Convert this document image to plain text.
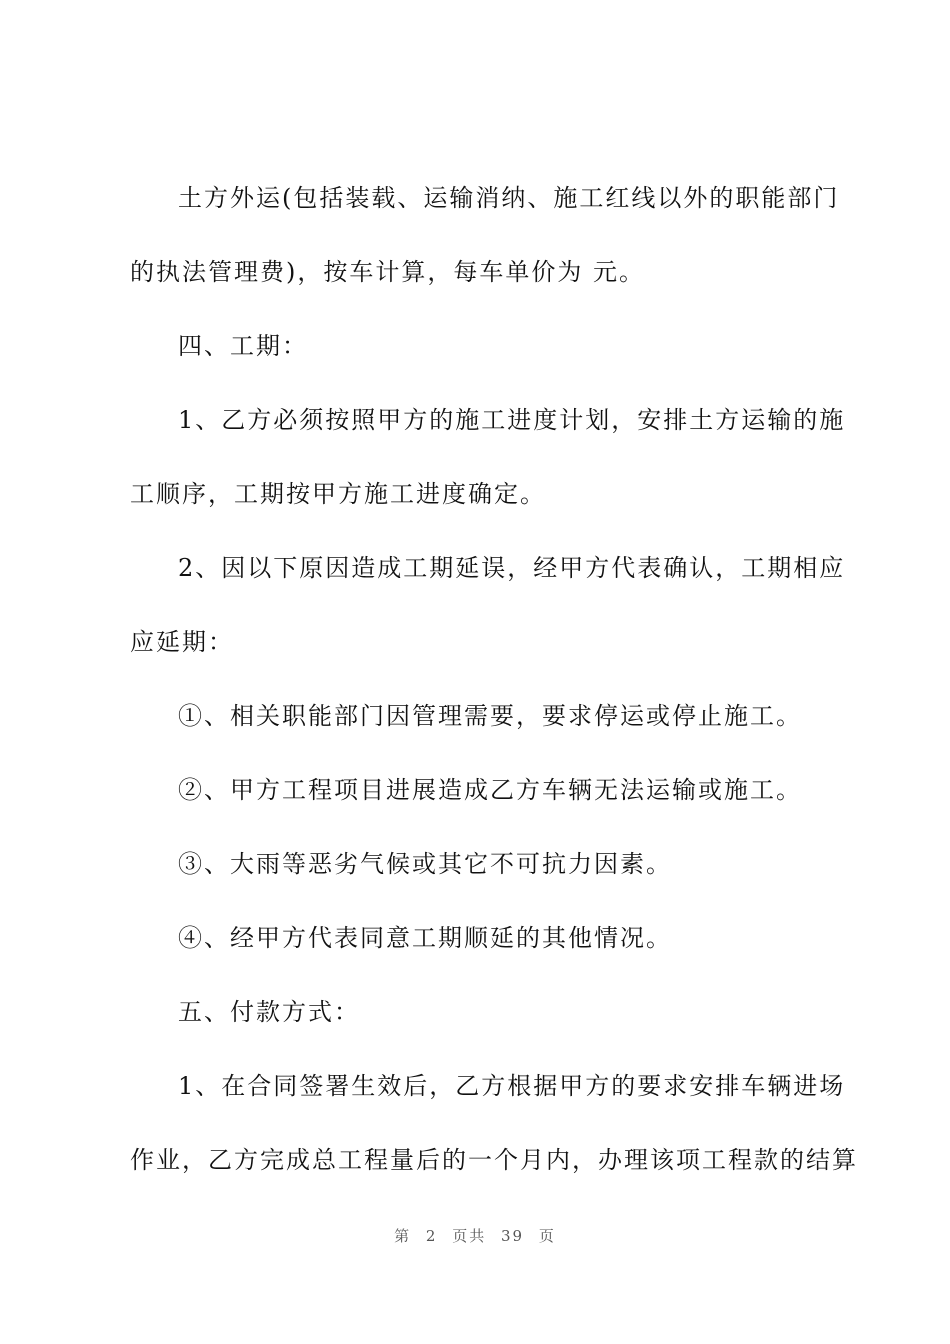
土方外运(包括装载、运输消纳、施工红线以外的职能部门
的执法管理费)，按车计算，每车单价为 元。
四、工期：
1、乙方必须按照甲方的施工进度计划，安排土方运输的施
工顺序，工期按甲方施工进度确定。
2、因以下原因造成工期延误，经甲方代表确认，工期相应
应延期：
①、相关职能部门因管理需要，要求停运或停止施工。
②、甲方工程项目进展造成乙方车辆无法运输或施工。
③、大雨等恶劣气候或其它不可抗力因素。
④、经甲方代表同意工期顺延的其他情况。
五、付款方式：
1、在合同签署生效后，乙方根据甲方的要求安排车辆进场
作业，乙方完成总工程量后的一个月内，办理该项工程款的结算
第 2 页共 39 页
